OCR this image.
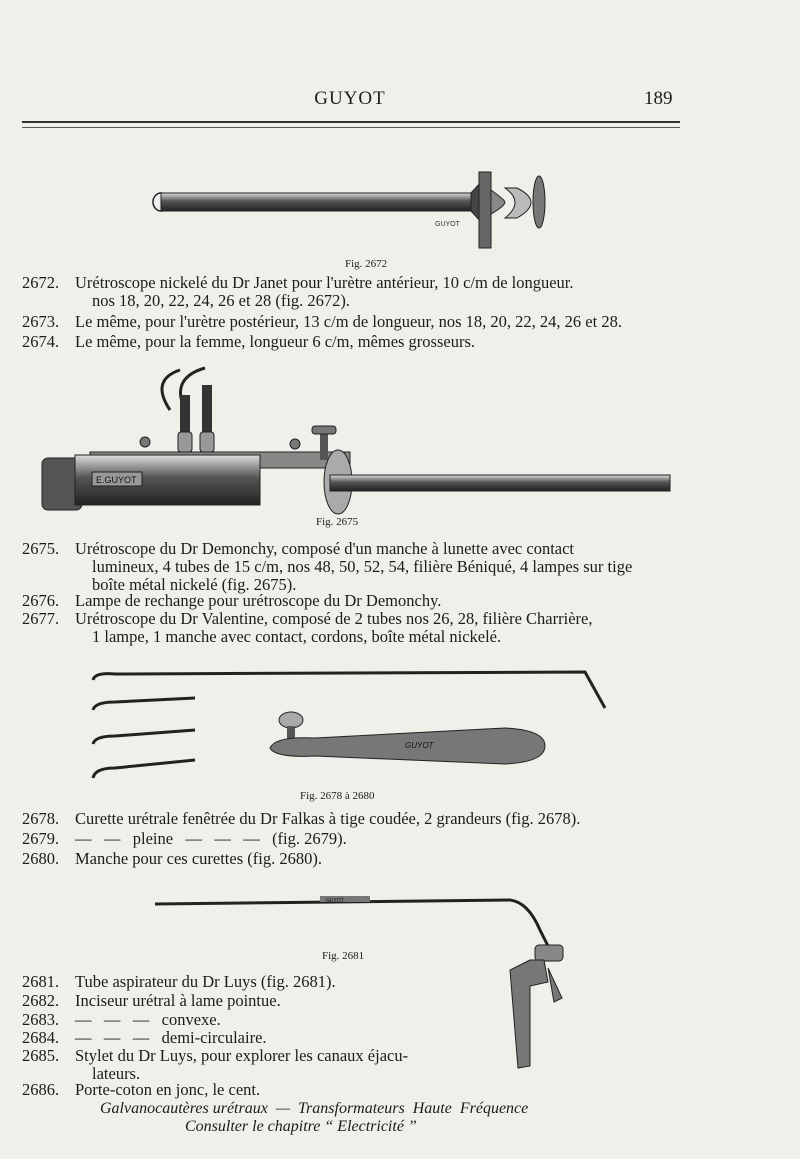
GUYOT	189
GUYOT
Fig. 2672
2672. Urétroscope nickelé du Dr Janet pour l'urètre antérieur, 10 c/m de longueur.
nos 18, 20, 22, 24, 26 et 28 (fig. 2672).
2673. Le même, pour l'urètre postérieur, 13 c/m de longueur, nos 18, 20, 22, 24, 26 et 28.
2674. Le même, pour la femme, longueur 6 c/m, mêmes grosseurs.
E.GUYOT
Fig. 2675
2675. Urétroscope du Dr Demonchy, composé d'un manche à lunette avec contact
lumineux, 4 tubes de 15 c/m, nos 48, 50, 52, 54, filière Béniqué, 4 lampes sur tige
boîte métal nickelé (fig. 2675).
2676. Lampe de rechange pour urétroscope du Dr Demonchy.
2677. Urétroscope du Dr Valentine, composé de 2 tubes nos 26, 28, filière Charrière,
1 lampe, 1 manche avec contact, cordons, boîte métal nickelé.
GUYOT
Fig. 2678 à 2680
2678. Curette urétrale fenêtrée du Dr Falkas à tige coudée, 2 grandeurs (fig. 2678).
2679. —   —   pleine   —   —   —   (fig. 2679).
2680. Manche pour ces curettes (fig. 2680).
GUYOT
Fig. 2681
2681. Tube aspirateur du Dr Luys (fig. 2681).
2682. Inciseur urétral à lame pointue.
2683. —   —   —   convexe.
2684. —   —   —   demi-circulaire.
2685. Stylet du Dr Luys, pour explorer les canaux éjacu-
lateurs.
2686. Porte-coton en jonc, le cent.
Galvanocautères urétraux  —  Transformateurs  Haute  Fréquence
Consulter le chapitre “ Electricité ”
